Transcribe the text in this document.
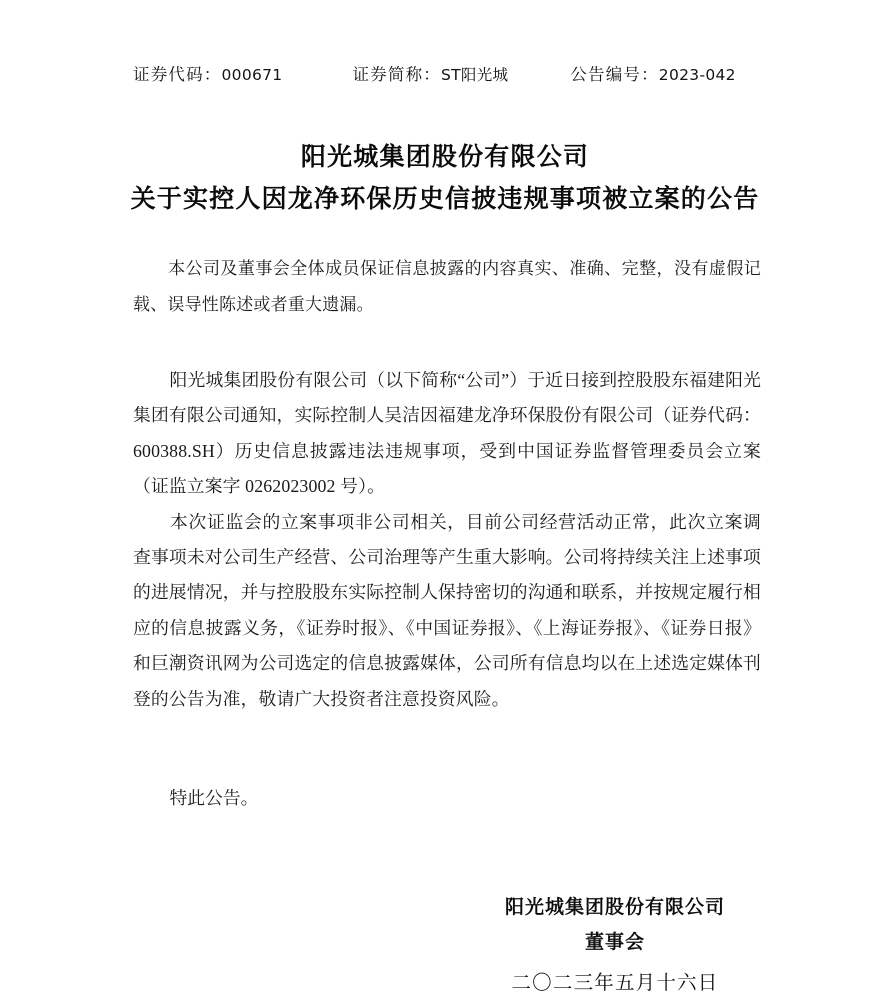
证券代码：000671	证券简称：ST阳光城	公告编号：2023-042
阳光城集团股份有限公司
关于实控人因龙净环保历史信披违规事项被立案的公告

本公司及董事会全体成员保证信息披露的内容真实、准确、完整，没有虚假记载、误导性陈述或者重大遗漏。

阳光城集团股份有限公司（以下简称“公司”）于近日接到控股股东福建阳光集团有限公司通知，实际控制人吴洁因福建龙净环保股份有限公司（证券代码：600388.SH）历史信息披露违法违规事项，受到中国证券监督管理委员会立案（证监立案字 0262023002 号）。

本次证监会的立案事项非公司相关，目前公司经营活动正常，此次立案调查事项未对公司生产经营、公司治理等产生重大影响。公司将持续关注上述事项的进展情况，并与控股股东实际控制人保持密切的沟通和联系，并按规定履行相应的信息披露义务，《证券时报》、《中国证券报》、《上海证券报》、《证券日报》和巨潮资讯网为公司选定的信息披露媒体，公司所有信息均以在上述选定媒体刊登的公告为准，敬请广大投资者注意投资风险。

特此公告。
阳光城集团股份有限公司
董事会
二〇二三年五月十六日
